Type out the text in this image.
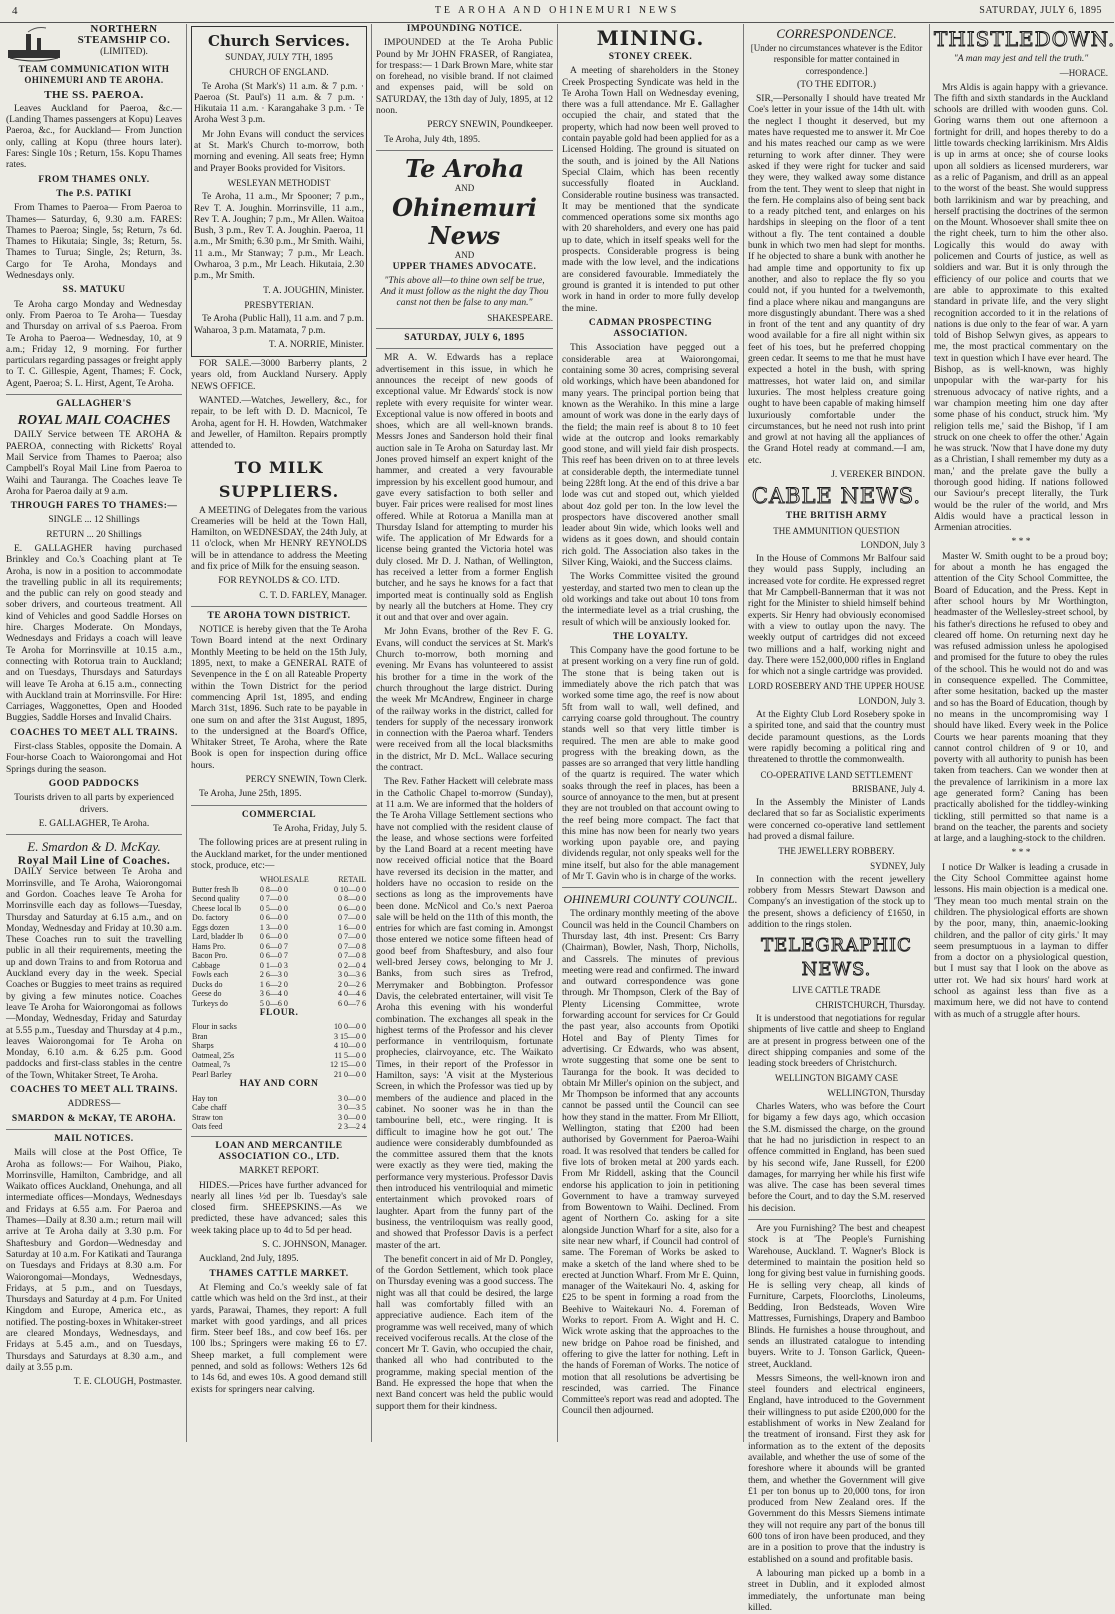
4	TE AROHA AND OHINEMURI NEWS	SATURDAY, JULY 6, 1895
NORTHERN STEAMSHIP CO.
(LIMITED).

TEAM COMMUNICATION WITH OHINEMURI AND TE AROHA.

THE SS. PAEROA.

Leaves Auckland for Paeroa, &c.— (Landing Thames passengers at Kopu) Leaves Paeroa, &c., for Auckland— From Junction only, calling at Kopu (three hours later). Fares: Single 10s ; Return, 15s. Kopu Thames rates.

FROM THAMES ONLY.

The P.S. PATIKI

From Thames to Paeroa— From Paeroa to Thames— Saturday, 6, 9.30 a.m. FARES: Thames to Paeroa; Single, 5s; Return, 7s 6d. Thames to Hikutaia; Single, 3s; Return, 5s. Thames to Turua; Single, 2s; Return, 3s. Cargo for Te Aroha, Mondays and Wednesdays only.

SS. MATUKU

Te Aroha cargo Monday and Wednesday only. From Paeroa to Te Aroha— Tuesday and Thursday on arrival of s.s Paeroa. From Te Aroha to Paeroa— Wednesday, 10, at 9 a.m.; Friday 12, 9 morning. For further particulars regarding passages or freight apply to T. C. Gillespie, Agent, Thames; F. Cock, Agent, Paeroa; S. L. Hirst, Agent, Te Aroha.

GALLAGHER'S

ROYAL MAIL COACHES

DAILY Service between TE AROHA & PAEROA, connecting with Ricketts' Royal Mail Service from Thames to Paeroa; also Campbell's Royal Mail Line from Paeroa to Waihi and Tauranga. The Coaches leave Te Aroha for Paeroa daily at 9 a.m.

THROUGH FARES TO THAMES:—

SINGLE ... 12 Shillings

RETURN ... 20 Shillings

E. GALLAGHER having purchased Brinkley and Co.'s Coaching plant at Te Aroha, is now in a position to accommodate the travelling public in all its requirements; and the public can rely on good steady and sober drivers, and courteous treatment. All kind of Vehicles and good Saddle Horses on hire. Charges Moderate. On Mondays, Wednesdays and Fridays a coach will leave Te Aroha for Morrinsville at 10.15 a.m., connecting with Rotorua train to Auckland; and on Tuesdays, Thursdays and Saturdays will leave Te Aroha at 6.15 a.m., connecting with Auckland train at Morrinsville. For Hire: Carriages, Waggonettes, Open and Hooded Buggies, Saddle Horses and Invalid Chairs.

COACHES TO MEET ALL TRAINS.

First-class Stables, opposite the Domain. A Four-horse Coach to Waiorongomai and Hot Springs during the season.

GOOD PADDOCKS

Tourists driven to all parts by experienced drivers.

E. GALLAGHER, Te Aroha.

E. Smardon & D. McKay.
Royal Mail Line of Coaches.

DAILY Service between Te Aroha and Morrinsville, and Te Aroha, Waiorongomai and Gordon. Coaches leave Te Aroha for Morrinsville each day as follows—Tuesday, Thursday and Saturday at 6.15 a.m., and on Monday, Wednesday and Friday at 10.30 a.m. These Coaches run to suit the travelling public in all their requirements, meeting the up and down Trains to and from Rotorua and Auckland every day in the week. Special Coaches or Buggies to meet trains as required by giving a few minutes notice. Coaches leave Te Aroha for Waiorongomai as follows—Monday, Wednesday, Friday and Saturday at 5.55 p.m., Tuesday and Thursday at 4 p.m., leaves Waiorongomai for Te Aroha on Monday, 6.10 a.m. & 6.25 p.m. Good paddocks and first-class stables in the centre of the Town, Whitaker Street, Te Aroha.

COACHES TO MEET ALL TRAINS.

ADDRESS—

SMARDON & McKAY, TE AROHA.

MAIL NOTICES.

Mails will close at the Post Office, Te Aroha as follows:— For Waihou, Piako, Morrinsville, Hamilton, Cambridge, and all Waikato offices Auckland, Onehunga, and all intermediate offices—Mondays, Wednesdays and Fridays at 6.55 a.m. For Paeroa and Thames—Daily at 8.30 a.m.; return mail will arrive at Te Aroha daily at 3.30 p.m. For Shaftesbury and Gordon—Wednesday and Saturday at 10 a.m. For Katikati and Tauranga on Tuesdays and Fridays at 8.30 a.m. For Waiorongomai—Mondays, Wednesdays, Fridays, at 5 p.m., and on Tuesdays, Thursdays and Saturday at 4 p.m. For United Kingdom and Europe, America etc., as notified. The posting-boxes in Whitaker-street are cleared Mondays, Wednesdays, and Fridays at 5.45 a.m., and on Tuesdays, Thursdays and Saturdays at 8.30 a.m., and daily at 3.55 p.m.

T. E. CLOUGH, Postmaster.

Church Services.

SUNDAY, JULY 7TH, 1895

CHURCH OF ENGLAND.

Te Aroha (St Mark's) 11 a.m. & 7 p.m. · Paeroa (St. Paul's) 11 a.m. & 7 p.m. · Hikutaia 11 a.m. · Karangahake 3 p.m. · Te Aroha West 3 p.m.

Mr John Evans will conduct the services at St. Mark's Church to-morrow, both morning and evening. All seats free; Hymn and Prayer Books provided for Visitors.

WESLEYAN METHODIST

Te Aroha, 11 a.m., Mr Spooner; 7 p.m., Rev T. A. Joughin. Morrinsville, 11 a.m., Rev T. A. Joughin; 7 p.m., Mr Allen. Waitoa Bush, 3 p.m., Rev T. A. Joughin. Paeroa, 11 a.m., Mr Smith; 6.30 p.m., Mr Smith. Waihi, 11 a.m., Mr Stanway; 7 p.m., Mr Leach. Owharoa, 3 p.m., Mr Leach. Hikutaia, 2.30 p.m., Mr Smith.

T. A. JOUGHIN, Minister.

PRESBYTERIAN.

Te Aroha (Public Hall), 11 a.m. and 7 p.m. Waharoa, 3 p.m. Matamata, 7 p.m.

T. A. NORRIE, Minister.

FOR SALE.—3000 Barberry plants, 2 years old, from Auckland Nursery. Apply NEWS OFFICE.

WANTED.—Watches, Jewellery, &c., for repair, to be left with D. D. Macnicol, Te Aroha, agent for H. H. Howden, Watchmaker and Jeweller, of Hamilton. Repairs promptly attended to.

TO MILK SUPPLIERS.

A MEETING of Delegates from the various Creameries will be held at the Town Hall, Hamilton, on WEDNESDAY, the 24th July, at 11 o'clock, when Mr HENRY REYNOLDS will be in attendance to address the Meeting and fix price of Milk for the ensuing season.

FOR REYNOLDS & CO. LTD.

C. T. D. FARLEY, Manager.

TE AROHA TOWN DISTRICT.

NOTICE is hereby given that the Te Aroha Town Board intend at the next Ordinary Monthly Meeting to be held on the 15th July, 1895, next, to make a GENERAL RATE of Sevenpence in the £ on all Rateable Property within the Town District for the period commencing April 1st, 1895, and ending March 31st, 1896. Such rate to be payable in one sum on and after the 31st August, 1895, to the undersigned at the Board's Office, Whitaker Street, Te Aroha, where the Rate Book is open for inspection during office hours.

PERCY SNEWIN, Town Clerk.

Te Aroha, June 25th, 1895.

COMMERCIAL

Te Aroha, Friday, July 5.

The following prices are at present ruling in the Auckland market, for the under mentioned stock, produce, etc:—

	WHOLESALE	RETAIL
Butter fresh lb	0 8—0 0	0 10—0 0
Second quality	0 7—0 0	0 8—0 0
Cheese local lb	0 5—0 0	0 6—0 0
Do. factory	0 6—0 0	0 7—0 0
Eggs dozen	1 3—0 0	1 6—0 0
Lard, bladder lb	0 6—0 0	0 7—0 0
Hams Pro.	0 6—0 7	0 7—0 8
Bacon Pro.	0 6—0 7	0 7—0 8
Cabbage	0 1—0 3	0 2—0 4
Fowls each	2 6—3 0	3 0—3 6
Ducks do	1 6—2 0	2 0—2 6
Geese do	3 6—4 0	4 0—4 6
Turkeys do	5 0—6 0	6 0—7 6

FLOUR.

Flour in sacks	10 0—0 0
Bran	3 15—0 0
Sharps	4 10—0 0
Oatmeal, 25s	11 5—0 0
Oatmeal, 7s	12 15—0 0
Pearl Barley	21 0—0 0

HAY AND CORN

Hay ton	3 0—0 0
Cabe chaff	3 0—3 5
Straw ton	3 0—0 0
Oats feed	2 3—2 4

LOAN AND MERCANTILE ASSOCIATION CO., LTD.

MARKET REPORT.

HIDES.—Prices have further advanced for nearly all lines ½d per lb. Tuesday's sale closed firm. SHEEPSKINS.—As we predicted, these have advanced; sales this week taking place up to 4d to 5d per head.

S. C. JOHNSON, Manager.

Auckland, 2nd July, 1895.

THAMES CATTLE MARKET.

At Fleming and Co.'s weekly sale of fat cattle which was held on the 3rd inst., at their yards, Parawai, Thames, they report: A full market with good yardings, and all prices firm. Steer beef 18s., and cow beef 16s. per 100 lbs.; Springers were making £6 to £7. Sheep market, a full complement were penned, and sold as follows: Wethers 12s 6d to 14s 6d, and ewes 10s. A good demand still exists for springers near calving.

IMPOUNDING NOTICE.

IMPOUNDED at the Te Aroha Public Pound by Mr JOHN FRASER, of Rangiatea, for trespass:— 1 Dark Brown Mare, white star on forehead, no visible brand. If not claimed and expenses paid, will be sold on SATURDAY, the 13th day of July, 1895, at 12 noon.

PERCY SNEWIN, Poundkeeper.

Te Aroha, July 4th, 1895.

Te Aroha
AND
Ohinemuri News
AND

UPPER THAMES ADVOCATE.

"This above all—to thine own self be true, And it must follow as the night the day Thou canst not then be false to any man."

SHAKESPEARE.

SATURDAY, JULY 6, 1895

MR A. W. Edwards has a replace advertisement in this issue, in which he announces the receipt of new goods of exceptional value. Mr Edwards' stock is now replete with every requisite for winter wear. Exceptional value is now offered in boots and shoes, which are all well-known brands. Messrs Jones and Sanderson hold their final auction sale in Te Aroha on Saturday last. Mr Jones proved himself an expert knight of the hammer, and created a very favourable impression by his excellent good humour, and gave every satisfaction to both seller and buyer. Fair prices were realised for most lines offered. While at Rotorua a Manilla man at Thursday Island for attempting to murder his wife. The application of Mr Edwards for a license being granted the Victoria hotel was duly closed. Mr D. J. Nathan, of Wellington, has received a letter from a former English butcher, and he says he knows for a fact that imported meat is continually sold as English by nearly all the butchers at Home. They cry it out and that over and over again.

Mr John Evans, brother of the Rev F. G. Evans, will conduct the services at St. Mark's Church to-morrow, both morning and evening. Mr Evans has volunteered to assist his brother for a time in the work of the church throughout the large district. During the week Mr McAndrew, Engineer in charge of the railway works in the district, called for tenders for supply of the necessary ironwork in connection with the Paeroa wharf. Tenders were received from all the local blacksmiths in the district, Mr D. McL. Wallace securing the contract.

The Rev. Father Hackett will celebrate mass in the Catholic Chapel to-morrow (Sunday), at 11 a.m. We are informed that the holders of the Te Aroha Village Settlement sections who have not complied with the resident clause of the lease, and whose sections were forfeited by the Land Board at a recent meeting have now received official notice that the Board have reversed its decision in the matter, and holders have no occasion to reside on the sections as long as the improvements have been done. McNicol and Co.'s next Paeroa sale will be held on the 11th of this month, the entries for which are fast coming in. Amongst those entered we notice some fifteen head of good beef from Shaftesbury, and also four well-bred Jersey cows, belonging to Mr J. Banks, from such sires as Trefrod, Merrymaker and Bobbington. Professor Davis, the celebrated entertainer, will visit Te Aroha this evening with his wonderful combination. The exchanges all speak in the highest terms of the Professor and his clever performance in ventriloquism, fortunate prophecies, clairvoyance, etc. The Waikato Times, in their report of the Professor in Hamilton, says: 'A visit at the Mysterious Screen, in which the Professor was tied up by members of the audience and placed in the cabinet. No sooner was he in than the tambourine bell, etc., were ringing. It is difficult to imagine how he got out.' The audience were considerably dumbfounded as the committee assured them that the knots were exactly as they were tied, making the performance very mysterious. Professor Davis then introduced his ventriloquial and mimetic entertainment which provoked roars of laughter. Apart from the funny part of the business, the ventriloquism was really good, and showed that Professor Davis is a perfect master of the art.

The benefit concert in aid of Mr D. Pongley, of the Gordon Settlement, which took place on Thursday evening was a good success. The night was all that could be desired, the large hall was comfortably filled with an appreciative audience. Each item of the programme was well received, many of which received vociferous recalls. At the close of the concert Mr T. Gavin, who occupied the chair, thanked all who had contributed to the programme, making special mention of the Band. He expressed the hope that when the next Band concert was held the public would support them for their kindness.

MINING.

STONEY CREEK.

A meeting of shareholders in the Stoney Creek Prospecting Syndicate was held in the Te Aroha Town Hall on Wednesday evening, there was a full attendance. Mr E. Gallagher occupied the chair, and stated that the property, which had now been well proved to contain payable gold had been applied for as a Licensed Holding. The ground is situated on the south, and is joined by the All Nations Special Claim, which has been recently successfully floated in Auckland. Considerable routine business was transacted. It may be mentioned that the syndicate commenced operations some six months ago with 20 shareholders, and every one has paid up to date, which in itself speaks well for the prospects. Considerable progress is being made with the low level, and the indications are considered favourable. Immediately the ground is granted it is intended to put other work in hand in order to more fully develop the mine.

CADMAN PROSPECTING ASSOCIATION.

This Association have pegged out a considerable area at Waiorongomai, containing some 30 acres, comprising several old workings, which have been abandoned for many years. The principal portion being that known as the Werahiko. In this mine a large amount of work was done in the early days of the field; the main reef is about 8 to 10 feet wide at the outcrop and looks remarkably good stone, and will yield fair dish prospects. This reef has been driven on to at three levels at considerable depth, the intermediate tunnel being 228ft long. At the end of this drive a bar lode was cut and stoped out, which yielded about 4oz gold per ton. In the low level the prospectors have discovered another small leader about 9in wide, which looks well and widens as it goes down, and should contain rich gold. The Association also takes in the Silver King, Waioki, and the Success claims.

The Works Committee visited the ground yesterday, and started two men to clean up the old workings and take out about 10 tons from the intermediate level as a trial crushing, the result of which will be anxiously looked for.

THE LOYALTY.

This Company have the good fortune to be at present working on a very fine run of gold. The stone that is being taken out is immediately above the rich patch that was worked some time ago, the reef is now about 5ft from wall to wall, well defined, and carrying coarse gold throughout. The country stands well so that very little timber is required. The men are able to make good progress with the breaking down, as the passes are so arranged that very little handling of the quartz is required. The water which soaks through the reef in places, has been a source of annoyance to the men, but at present they are not troubled on that account owing to the reef being more compact. The fact that this mine has now been for nearly two years working upon payable ore, and paying dividends regular, not only speaks well for the mine itself, but also for the able management of Mr T. Gavin who is in charge of the works.

OHINEMURI COUNTY COUNCIL.

The ordinary monthly meeting of the above Council was held in the Council Chambers on Thursday last, 4th inst. Present: Crs Barry (Chairman), Bowler, Nash, Thorp, Nicholls, and Cassrels. The minutes of previous meeting were read and confirmed. The inward and outward correspondence was gone through. Mr Thompson, Clerk of the Bay of Plenty Licensing Committee, wrote forwarding account for services for Cr Gould the past year, also accounts from Opotiki Hotel and Bay of Plenty Times for advertising. Cr Edwards, who was absent, wrote suggesting that some one be sent to Tauranga for the book. It was decided to obtain Mr Miller's opinion on the subject, and Mr Thompson be informed that any accounts cannot be passed until the Council can see how they stand in the matter. From Mr Elliott, Wellington, stating that £200 had been authorised by Government for Paeroa-Waihi road. It was resolved that tenders be called for five lots of broken metal at 200 yards each. From Mr Riddell, asking that the Council endorse his application to join in petitioning Government to have a tramway surveyed from Bowentown to Waihi. Declined. From agent of Northern Co. asking for a site alongside Junction Wharf for a site, also for a site near new wharf, if Council had control of same. The Foreman of Works be asked to make a sketch of the land where shed to be erected at Junction Wharf. From Mr E. Quinn, manager of the Waitekauri No. 4, asking for £25 to be spent in forming a road from the Beehive to Waitekauri No. 4. Foreman of Works to report. From A. Wight and H. C. Wick wrote asking that the approaches to the new bridge on Pahoe road be finished, and offering to give the latter for nothing. Left in the hands of Foreman of Works. The notice of motion that all resolutions be advertising be rescinded, was carried. The Finance Committee's report was read and adopted. The Council then adjourned.

CORRESPONDENCE.

[Under no circumstances whatever is the Editor responsible for matter contained in correspondence.]

(TO THE EDITOR.)

SIR,—Personally I should have treated Mr Coe's letter in your issue of the 14th ult. with the neglect I thought it deserved, but my mates have requested me to answer it. Mr Coe and his mates reached our camp as we were returning to work after dinner. They were asked if they were right for tucker and said they were, they walked away some distance from the tent. They went to sleep that night in the fern. He complains also of being sent back to a ready pitched tent, and enlarges on his hardships in sleeping on the floor of a tent without a fly. The tent contained a double bunk in which two men had slept for months. If he objected to share a bunk with another he had ample time and opportunity to fix up another, and also to replace the fly so you could not, if you hunted for a twelvemonth, find a place where nikau and manganguns are more disgustingly abundant. There was a shed in front of the tent and any quantity of dry wood available for a fire all night within six feet of his toes, but he preferred chopping green cedar. It seems to me that he must have expected a hotel in the bush, with spring mattresses, hot water laid on, and similar luxuries. The most helpless creature going ought to have been capable of making himself luxuriously comfortable under the circumstances, but he need not rush into print and growl at not having all the appliances of the Grand Hotel ready at command.—I am, etc.

J. VEREKER BINDON.

CABLE NEWS.

THE BRITISH ARMY

THE AMMUNITION QUESTION

LONDON, July 3

In the House of Commons Mr Balfour said they would pass Supply, including an increased vote for cordite. He expressed regret that Mr Campbell-Bannerman that it was not right for the Minister to shield himself behind experts. Sir Henry had obviously economised with a view to outlay upon the navy. The weekly output of cartridges did not exceed two millions and a half, working night and day. There were 152,000,000 rifles in England for which not a single cartridge was provided.

LORD ROSEBERY AND THE UPPER HOUSE

LONDON, July 3.

At the Eighty Club Lord Rosebery spoke in a spirited tone, and said that the country must decide paramount questions, as the Lords were rapidly becoming a political ring and threatened to throttle the commonwealth.

CO-OPERATIVE LAND SETTLEMENT

BRISBANE, July 4.

In the Assembly the Minister of Lands declared that so far as Socialistic experiments were concerned co-operative land settlement had proved a dismal failure.

THE JEWELLERY ROBBERY.

SYDNEY, July

In connection with the recent jewellery robbery from Messrs Stewart Dawson and Company's an investigation of the stock up to the present, shows a deficiency of £1650, in addition to the rings stolen.

TELEGRAPHIC NEWS.

LIVE CATTLE TRADE

CHRISTCHURCH, Thursday.

It is understood that negotiations for regular shipments of live cattle and sheep to England are at present in progress between one of the direct shipping companies and some of the leading stock breeders of Christchurch.

WELLINGTON BIGAMY CASE

WELLINGTON, Thursday

Charles Waters, who was before the Court for bigamy a few days ago, which occasion the S.M. dismissed the charge, on the ground that he had no jurisdiction in respect to an offence committed in England, has been sued by his second wife, Jane Russell, for £200 damages, for marrying her while his first wife was alive. The case has been several times before the Court, and to day the S.M. reserved his decision.

Are you Furnishing? The best and cheapest stock is at 'The People's Furnishing Warehouse, Auckland. T. Wagner's Block is determined to maintain the position held so long for giving best value in furnishing goods. He is selling very cheap, all kinds of Furniture, Carpets, Floorcloths, Linoleums, Bedding, Iron Bedsteads, Woven Wire Mattresses, Furnishings, Drapery and Bamboo Blinds. He furnishes a house throughout, and sends an illustrated catalogue to intending buyers. Write to J. Tonson Garlick, Queen-street, Auckland.

Messrs Simeons, the well-known iron and steel founders and electrical engineers, England, have introduced to the Government their willingness to put aside £200,000 for the establishment of works in New Zealand for the treatment of ironsand. First they ask for information as to the extent of the deposits available, and whether the use of some of the foreshore where it abounds will be granted them, and whether the Government will give £1 per ton bonus up to 20,000 tons, for iron produced from New Zealand ores. If the Government do this Messrs Siemens intimate they will not require any part of the bonus till 600 tons of iron have been produced, and they are in a position to prove that the industry is established on a sound and profitable basis.

A labouring man picked up a bomb in a street in Dublin, and it exploded almost immediately, the unfortunate man being killed.

THISTLEDOWN.

"A man may jest and tell the truth."

—HORACE.

Mrs Aldis is again happy with a grievance. The fifth and sixth standards in the Auckland schools are drilled with wooden guns. Col. Goring warns them out one afternoon a fortnight for drill, and hopes thereby to do a little towards checking larrikinism. Mrs Aldis is up in arms at once; she of course looks upon all soldiers as licensed murderers, war as a relic of Paganism, and drill as an appeal to the worst of the beast. She would suppress both larrikinism and war by preaching, and herself practising the doctrines of the sermon on the Mount. Whosoever shall smite thee on the right cheek, turn to him the other also. Logically this would do away with policemen and Courts of justice, as well as soldiers and war. But it is only through the efficiency of our police and courts that we are able to approximate to this exalted standard in private life, and the very slight recognition accorded to it in the relations of nations is due only to the fear of war. A yarn told of Bishop Selwyn gives, as appears to me, the most practical commentary on the text in question which I have ever heard. The Bishop, as is well-known, was highly unpopular with the war-party for his strenuous advocacy of native rights, and a war champion meeting him one day after some phase of his conduct, struck him. 'My religion tells me,' said the Bishop, 'if I am struck on one cheek to offer the other.' Again he was struck. 'Now that I have done my duty as a Christian, I shall remember my duty as a man,' and the prelate gave the bully a thorough good hiding. If nations followed our Saviour's precept literally, the Turk would be the ruler of the world, and Mrs Aldis would have a practical lesson in Armenian atrocities.

* * *

Master W. Smith ought to be a proud boy; for about a month he has engaged the attention of the City School Committee, the Board of Education, and the Press. Kept in after school hours by Mr Worthington, headmaster of the Wellesley-street school, by his father's directions he refused to obey and cleared off home. On returning next day he was refused admission unless he apologised and promised for the future to obey the rules of the school. This he would not do and was in consequence expelled. The Committee, after some hesitation, backed up the master and so has the Board of Education, though by no means in the uncompromising way I should have liked. Every week in the Police Courts we hear parents moaning that they cannot control children of 9 or 10, and poverty with all authority to punish has been taken from teachers. Can we wonder then at the prevalence of larrikinism in a more lax age generated form? Caning has been practically abolished for the tiddley-winking tickling, still permitted so that name is a brand on the teacher, the parents and society at large, and a laughing-stock to the children.

* * *

I notice Dr Walker is leading a crusade in the City School Committee against home lessons. His main objection is a medical one. 'They mean too much mental strain on the children. The physiological efforts are shown by the poor, many, thin, anaemic-looking children, and the pallor of city girls.' It may seem presumptuous in a layman to differ from a doctor on a physiological question, but I must say that I look on the above as utter rot. We had six hours' hard work at school as against less than five as a maximum here, we did not have to contend with as much of a struggle after hours.
